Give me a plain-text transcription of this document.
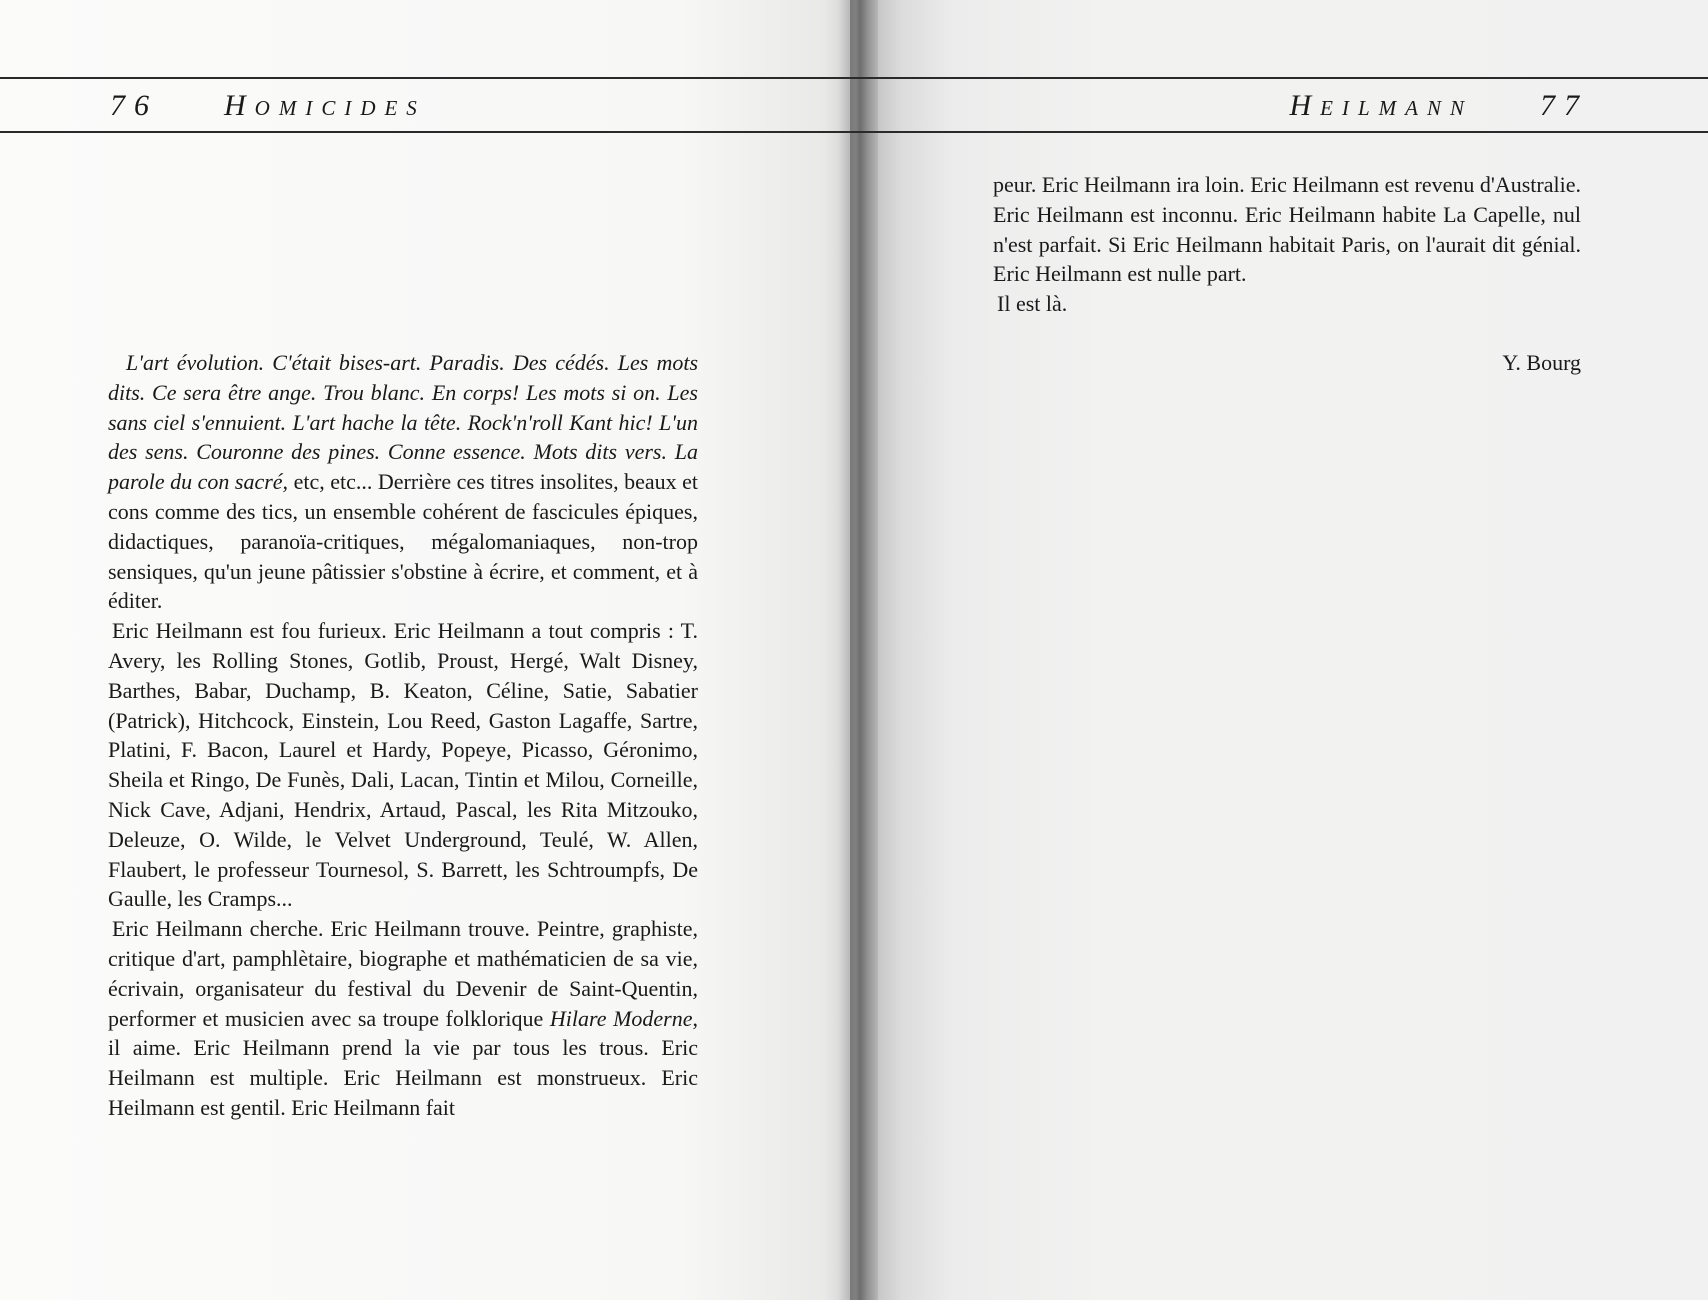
76 Homicides	Heilmann 77

L'art évolution. C'était bises-art. Paradis. Des cédés. Les mots dits. Ce sera être ange. Trou blanc. En corps! Les mots si on. Les sans ciel s'ennuient. L'art hache la tête. Rock'n'roll Kant hic! L'un des sens. Couronne des pines. Conne essence. Mots dits vers. La parole du con sacré, etc, etc... Derrière ces titres insolites, beaux et cons comme des tics, un ensemble cohérent de fascicules épiques, didactiques, paranoïa-critiques, mégalomaniaques, non-trop sensiques, qu'un jeune pâtissier s'obstine à écrire, et comment, et à éditer.

Eric Heilmann est fou furieux. Eric Heilmann a tout compris : T. Avery, les Rolling Stones, Gotlib, Proust, Hergé, Walt Disney, Barthes, Babar, Duchamp, B. Keaton, Céline, Satie, Sabatier (Patrick), Hitchcock, Einstein, Lou Reed, Gaston Lagaffe, Sartre, Platini, F. Bacon, Laurel et Hardy, Popeye, Picasso, Géronimo, Sheila et Ringo, De Funès, Dali, Lacan, Tintin et Milou, Corneille, Nick Cave, Adjani, Hendrix, Artaud, Pascal, les Rita Mitzouko, Deleuze, O. Wilde, le Velvet Underground, Teulé, W. Allen, Flaubert, le professeur Tournesol, S. Barrett, les Schtroumpfs, De Gaulle, les Cramps...

Eric Heilmann cherche. Eric Heilmann trouve. Peintre, graphiste, critique d'art, pamphlètaire, biographe et mathématicien de sa vie, écrivain, organisateur du festival du Devenir de Saint-Quentin, performer et musicien avec sa troupe folklorique Hilare Moderne, il aime. Eric Heilmann prend la vie par tous les trous. Eric Heilmann est multiple. Eric Heilmann est monstrueux. Eric Heilmann est gentil. Eric Heilmann fait

peur. Eric Heilmann ira loin. Eric Heilmann est revenu d'Australie. Eric Heilmann est inconnu. Eric Heilmann habite La Capelle, nul n'est parfait. Si Eric Heilmann habitait Paris, on l'aurait dit génial. Eric Heilmann est nulle part.

Il est là.

Y. Bourg
